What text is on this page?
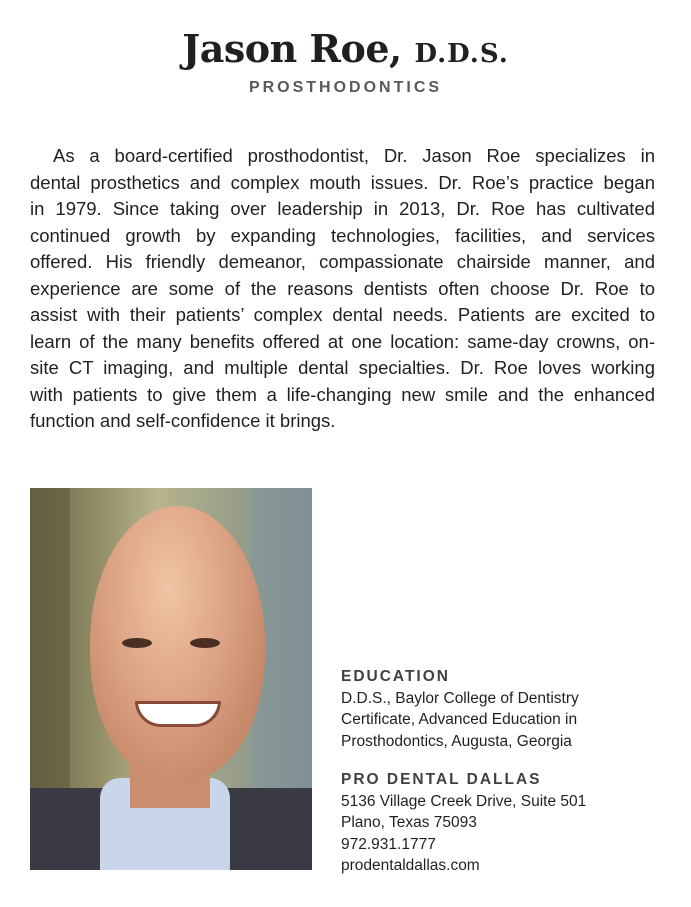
Jason Roe, D.D.S.
PROSTHODONTICS
As a board-certified prosthodontist, Dr. Jason Roe specializes in
dental prosthetics and complex mouth issues. Dr. Roe’s practice began
in 1979. Since taking over leadership in 2013, Dr. Roe has cultivated
continued growth by expanding technologies, facilities, and services
offered. His friendly demeanor, compassionate chairside manner, and
experience are some of the reasons dentists often choose Dr. Roe to
assist with their patients’ complex dental needs. Patients are excited to
learn of the many benefits offered at one location: same-day crowns, on-
site CT imaging, and multiple dental specialties. Dr. Roe loves working
with patients to give them a life-changing new smile and the enhanced
function and self-confidence it brings.
EDUCATION
D.D.S., Baylor College of Dentistry
Certificate, Advanced Education in
Prosthodontics, Augusta, Georgia
PRO DENTAL DALLAS
5136 Village Creek Drive, Suite 501
Plano, Texas 75093
972.931.1777
prodentaldallas.com
